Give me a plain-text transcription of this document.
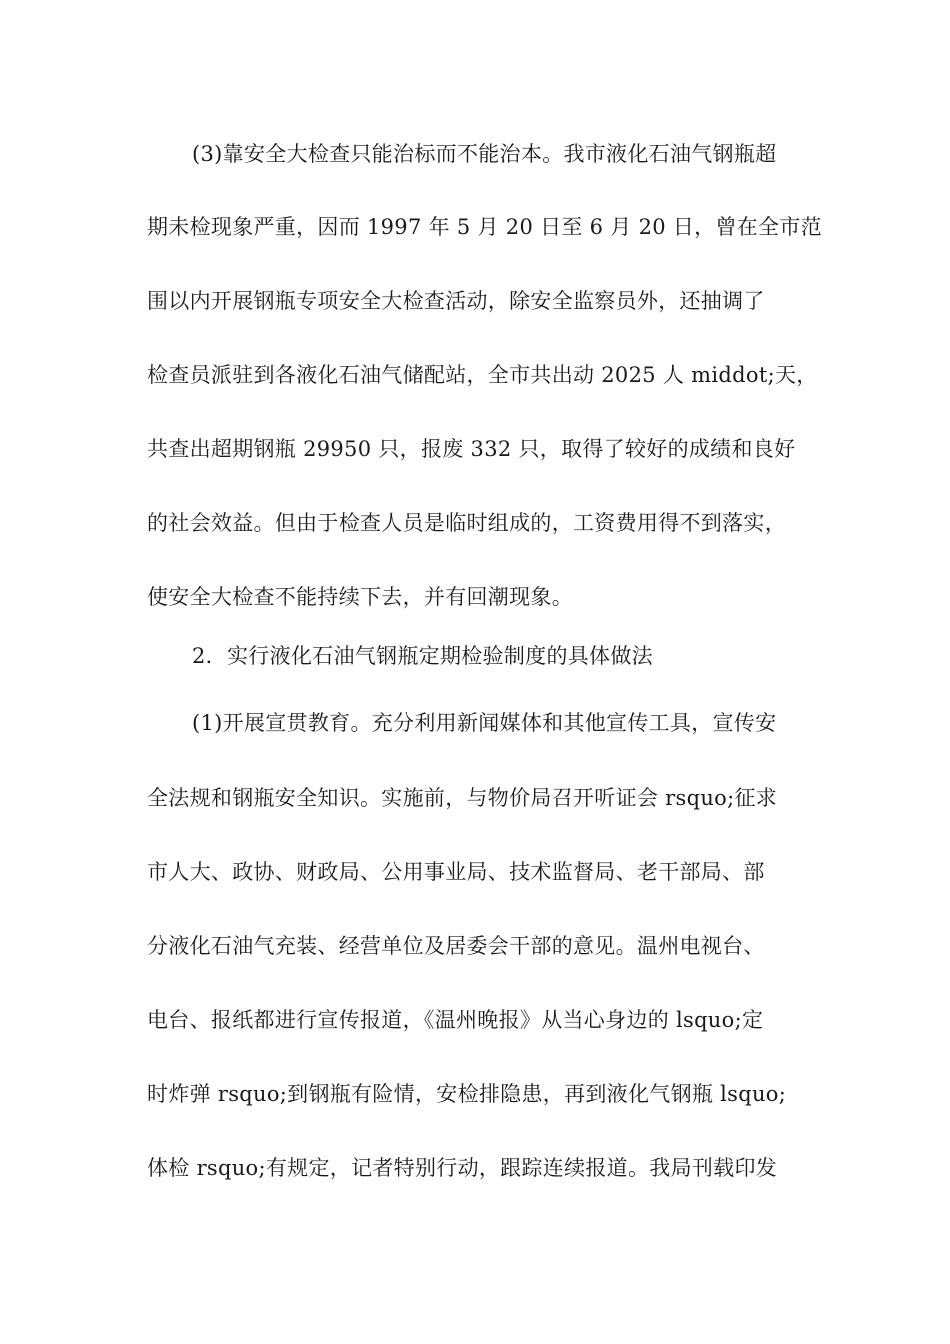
(3)靠安全大检查只能治标而不能治本。我市液化石油气钢瓶超
期未检现象严重，因而 1997 年 5 月 20 日至 6 月 20 日，曾在全市范
围以内开展钢瓶专项安全大检查活动，除安全监察员外，还抽调了
检查员派驻到各液化石油气储配站，全市共出动 2025 人 middot;天，
共查出超期钢瓶 29950 只，报废 332 只，取得了较好的成绩和良好
的社会效益。但由于检查人员是临时组成的，工资费用得不到落实，
使安全大检查不能持续下去，并有回潮现象。
2．实行液化石油气钢瓶定期检验制度的具体做法
(1)开展宣贯教育。充分利用新闻媒体和其他宣传工具，宣传安
全法规和钢瓶安全知识。实施前，与物价局召开听证会 rsquo;征求
市人大、政协、财政局、公用事业局、技术监督局、老干部局、部
分液化石油气充装、经营单位及居委会干部的意见。温州电视台、
电台、报纸都进行宣传报道，《温州晚报》从当心身边的 lsquo;定
时炸弹 rsquo;到钢瓶有险情，安检排隐患，再到液化气钢瓶 lsquo;
体检 rsquo;有规定，记者特别行动，跟踪连续报道。我局刊载印发
